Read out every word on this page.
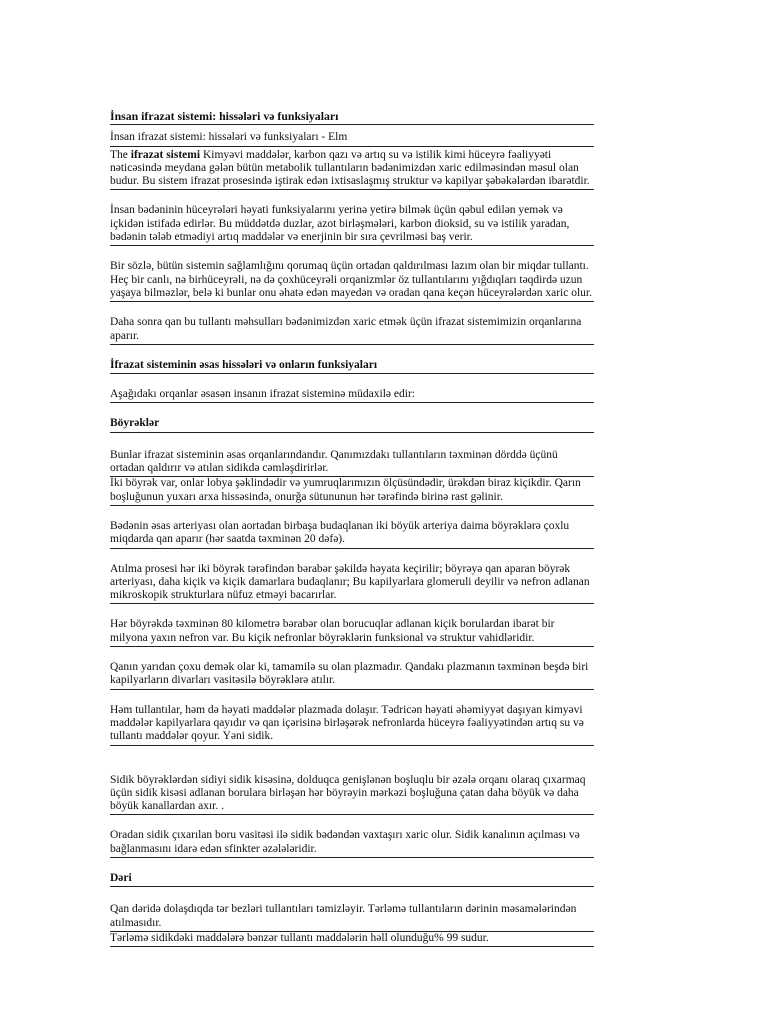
İnsan ifrazat sistemi: hissələri və funksiyaları
İnsan ifrazat sistemi: hissələri və funksiyaları - Elm
The ifrazat sistemi Kimyəvi maddələr, karbon qazı və artıq su və istilik kimi hüceyrə fəaliyyəti nəticəsində meydana gələn bütün metabolik tullantıların bədənimizdən xaric edilməsindən məsul olan budur. Bu sistem ifrazat prosesində iştirak edən ixtisaslaşmış struktur və kapilyar şəbəkələrdən ibarətdir.
İnsan bədəninin hüceyrələri həyati funksiyalarını yerinə yetirə bilmək üçün qəbul edilən yemək və içkidən istifadə edirlər. Bu müddətdə duzlar, azot birləşmələri, karbon dioksid, su və istilik yaradan, bədənin tələb etmədiyi artıq maddələr və enerjinin bir sıra çevrilməsi baş verir.
Bir sözlə, bütün sistemin sağlamlığını qorumaq üçün ortadan qaldırılması lazım olan bir miqdar tullantı. Heç bir canlı, nə birhüceyrəli, nə də çoxhüceyrəli orqanizmlər öz tullantılarını yığdıqları təqdirdə uzun yaşaya bilməzlər, belə ki bunlar onu əhatə edən mayedən və oradan qana keçən hüceyrələrdən xaric olur.
Daha sonra qan bu tullantı məhsulları bədənimizdən xaric etmək üçün ifrazat sistemimizin orqanlarına aparır.
İfrazat sisteminin əsas hissələri və onların funksiyaları
Aşağıdakı orqanlar əsasən insanın ifrazat sisteminə müdaxilə edir:
Böyrəklər
Bunlar ifrazat sisteminin əsas orqanlarındandır. Qanımızdakı tullantıların təxminən dörddə üçünü ortadan qaldırır və atılan sidikdə cəmləşdirirlər.
İki böyrək var, onlar lobya şəklindədir və yumruqlarımızın ölçüsündədir, ürəkdən biraz kiçikdir. Qarın boşluğunun yuxarı arxa hissəsində, onurğa sütununun hər tərəfində birinə rast gəlinir.
Bədənin əsas arteriyası olan aortadan birbaşa budaqlanan iki böyük arteriya daima böyrəklərə çoxlu miqdarda qan aparır (hər saatda təxminən 20 dəfə).
Atılma prosesi hər iki böyrək tərəfindən bərabər şəkildə həyata keçirilir; böyrəyə qan aparan böyrək arteriyası, daha kiçik və kiçik damarlara budaqlanır; Bu kapilyarlara glomeruli deyilir və nefron adlanan mikroskopik strukturlara nüfuz etməyi bacarırlar.
Hər böyrəkdə təxminən 80 kilometrə bərabər olan borucuqlar adlanan kiçik borulardan ibarət bir milyona yaxın nefron var. Bu kiçik nefronlar böyrəklərin funksional və struktur vahidləridir.
Qanın yarıdan çoxu demək olar ki, tamamilə su olan plazmadır. Qandakı plazmanın təxminən beşdə biri kapilyarların divarları vasitəsilə böyrəklərə atılır.
Həm tullantılar, həm də həyati maddələr plazmada dolaşır. Tədricən həyati əhəmiyyət daşıyan kimyəvi maddələr kapilyarlara qayıdır və qan içərisinə birləşərək nefronlarda hüceyrə fəaliyyətindən artıq su və tullantı maddələr qoyur. Yəni sidik.
Sidik böyrəklərdən sidiyi sidik kisəsinə, dolduqca genişlənən boşluqlu bir əzələ orqanı olaraq çıxarmaq üçün sidik kisəsi adlanan borulara birləşən hər böyrəyin mərkəzi boşluğuna çatan daha böyük və daha böyük kanallardan axır. .
Oradan sidik çıxarılan boru vasitəsi ilə sidik bədəndən vaxtaşırı xaric olur. Sidik kanalının açılması və bağlanmasını idarə edən sfinkter əzələləridir.
Dəri
Qan dəridə dolaşdıqda tər bezləri tullantıları təmizləyir. Tərləmə tullantıların dərinin məsamələrindən atılmasıdır.
Tərləmə sidikdəki maddələrə bənzər tullantı maddələrin həll olunduğu% 99 sudur.
